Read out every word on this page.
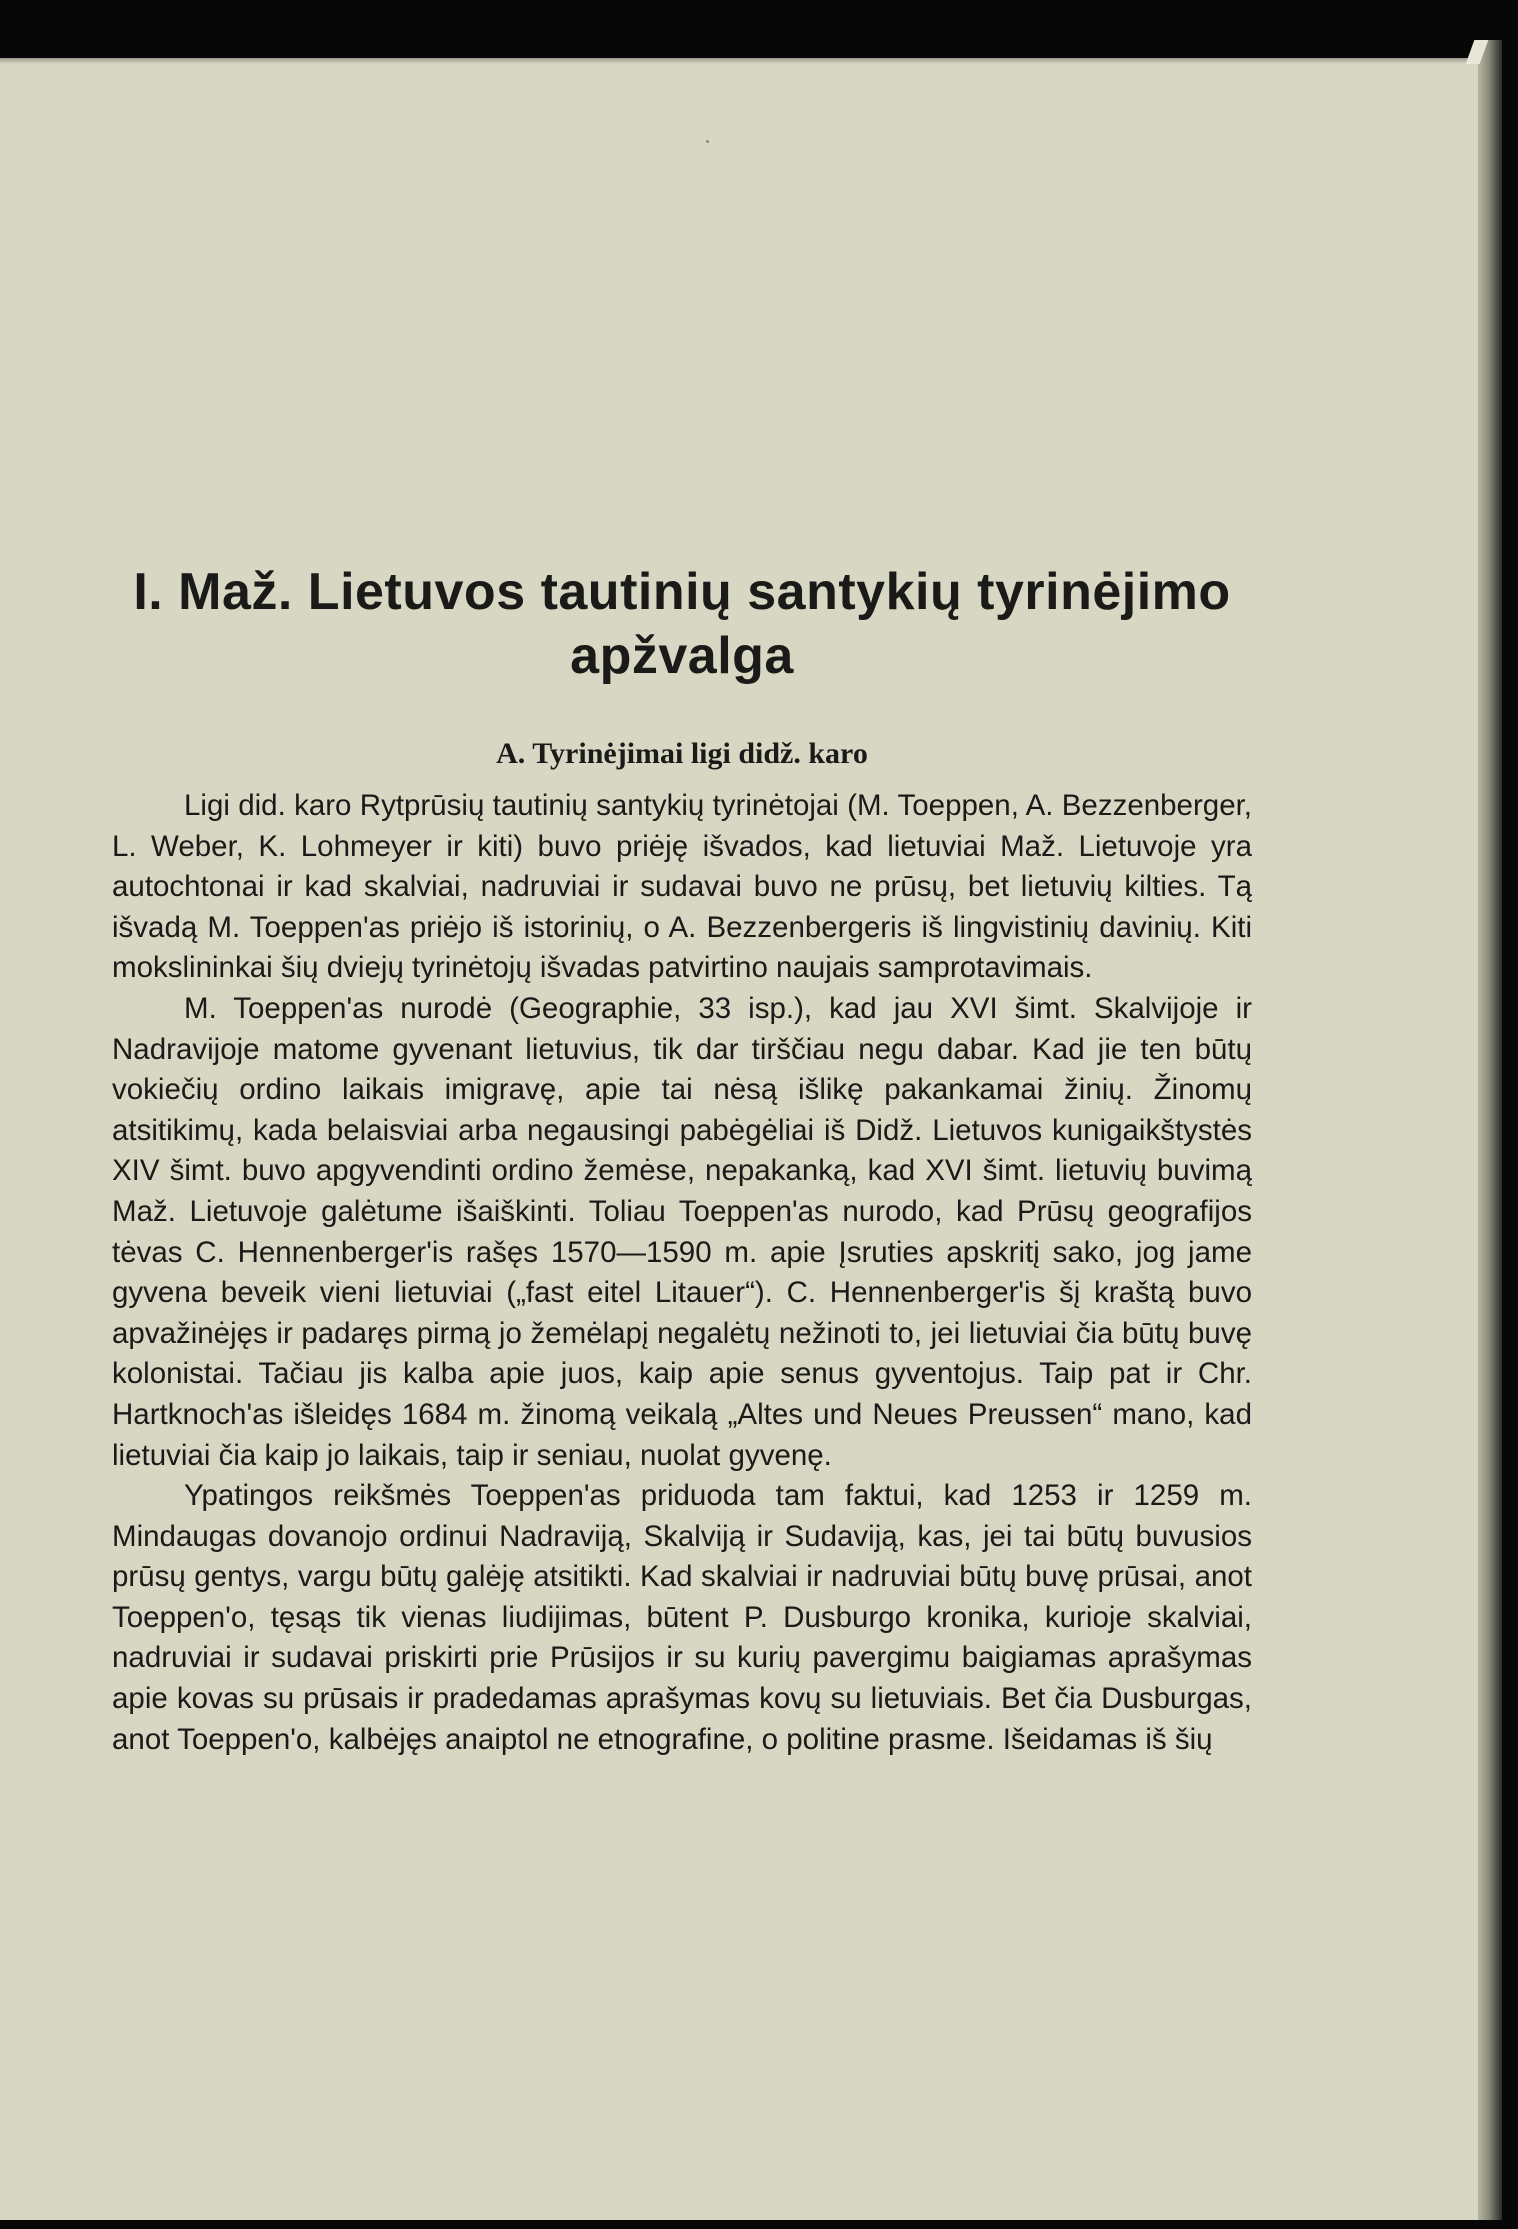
I. Maž. Lietuvos tautinių santykių tyrinėjimo apžvalga
A. Tyrinėjimai ligi didž. karo

Ligi did. karo Rytprūsių tautinių santykių tyrinėtojai (M. Toeppen, A. Bezzenberger, L. Weber, K. Lohmeyer ir kiti) buvo priėję išvados, kad lietuviai Maž. Lietuvoje yra autochtonai ir kad skalviai, nadruviai ir sudavai buvo ne prūsų, bet lietuvių kilties. Tą išvadą M. Toeppen'as priėjo iš istorinių, o A. Bezzenbergeris iš lingvistinių davinių. Kiti mokslininkai šių dviejų tyrinėtojų išvadas patvirtino naujais samprotavimais.

M. Toeppen'as nurodė (Geographie, 33 isp.), kad jau XVI šimt. Skalvijoje ir Nadravijoje matome gyvenant lietuvius, tik dar tirščiau negu dabar. Kad jie ten būtų vokiečių ordino laikais imigravę, apie tai nėsą išlikę pakankamai žinių. Žinomų atsitikimų, kada belaisviai arba negausingi pabėgėliai iš Didž. Lietuvos kunigaikštystės XIV šimt. buvo apgyvendinti ordino žemėse, nepakanką, kad XVI šimt. lietuvių buvimą Maž. Lietuvoje galėtume išaiškinti. Toliau Toeppen'as nurodo, kad Prūsų geografijos tėvas C. Hennenberger'is rašęs 1570—1590 m. apie Įsruties apskritį sako, jog jame gyvena beveik vieni lietuviai („fast eitel Litauer“). C. Hennenberger'is šį kraštą buvo apvažinėjęs ir padaręs pirmą jo žemėlapį negalėtų nežinoti to, jei lietuviai čia būtų buvę kolonistai. Tačiau jis kalba apie juos, kaip apie senus gyventojus. Taip pat ir Chr. Hartknoch'as išleidęs 1684 m. žinomą veikalą „Altes und Neues Preussen“ mano, kad lietuviai čia kaip jo laikais, taip ir seniau, nuolat gyvenę.

Ypatingos reikšmės Toeppen'as priduoda tam faktui, kad 1253 ir 1259 m. Mindaugas dovanojo ordinui Nadraviją, Skalviją ir Sudaviją, kas, jei tai būtų buvusios prūsų gentys, vargu būtų galėję atsitikti. Kad skalviai ir nadruviai būtų buvę prūsai, anot Toeppen'o, tęsąs tik vienas liudijimas, būtent P. Dusburgo kronika, kurioje skalviai, nadruviai ir sudavai priskirti prie Prūsijos ir su kurių pavergimu baigiamas aprašymas apie kovas su prūsais ir pradedamas aprašymas kovų su lietuviais. Bet čia Dusburgas, anot Toeppen'o, kalbėjęs anaiptol ne etnografine, o politine prasme. Išeidamas iš šių
